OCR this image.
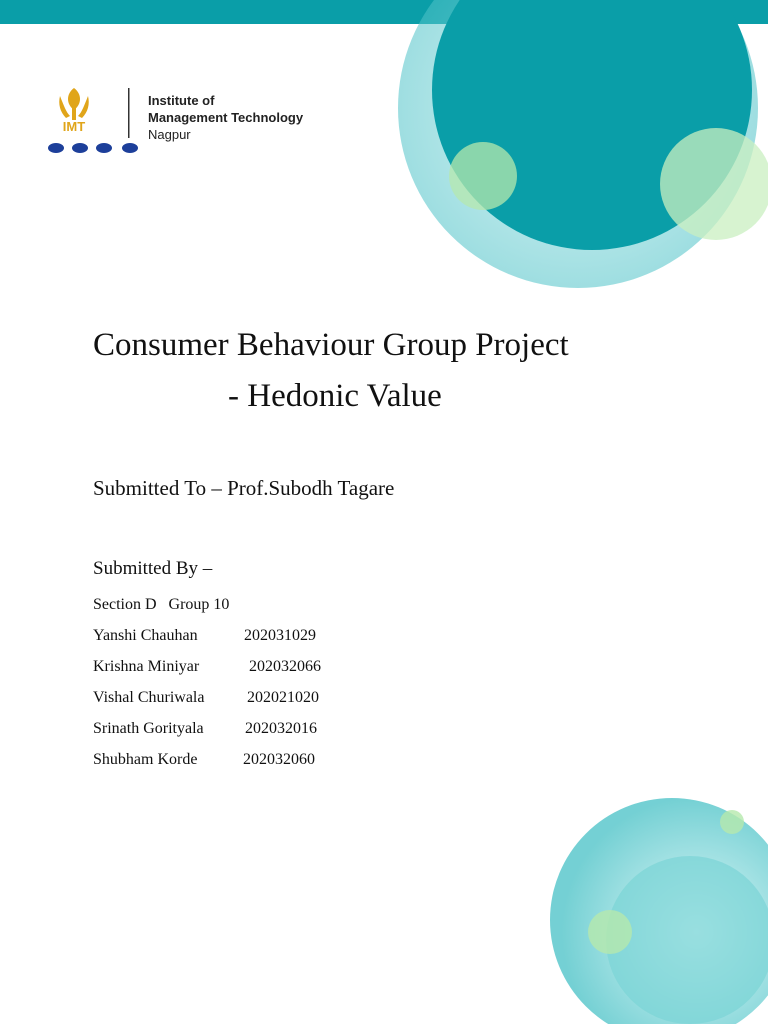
IMT
Institute of
Management Technology
Nagpur
Consumer Behaviour Group Project
- Hedonic Value
Submitted To – Prof.Subodh Tagare
Submitted By –
Section D   Group 10
Yanshi Chauhan	202031029
Krishna Miniyar	202032066
Vishal Churiwala	202021020
Srinath Gorityala	202032016
Shubham Korde	202032060
